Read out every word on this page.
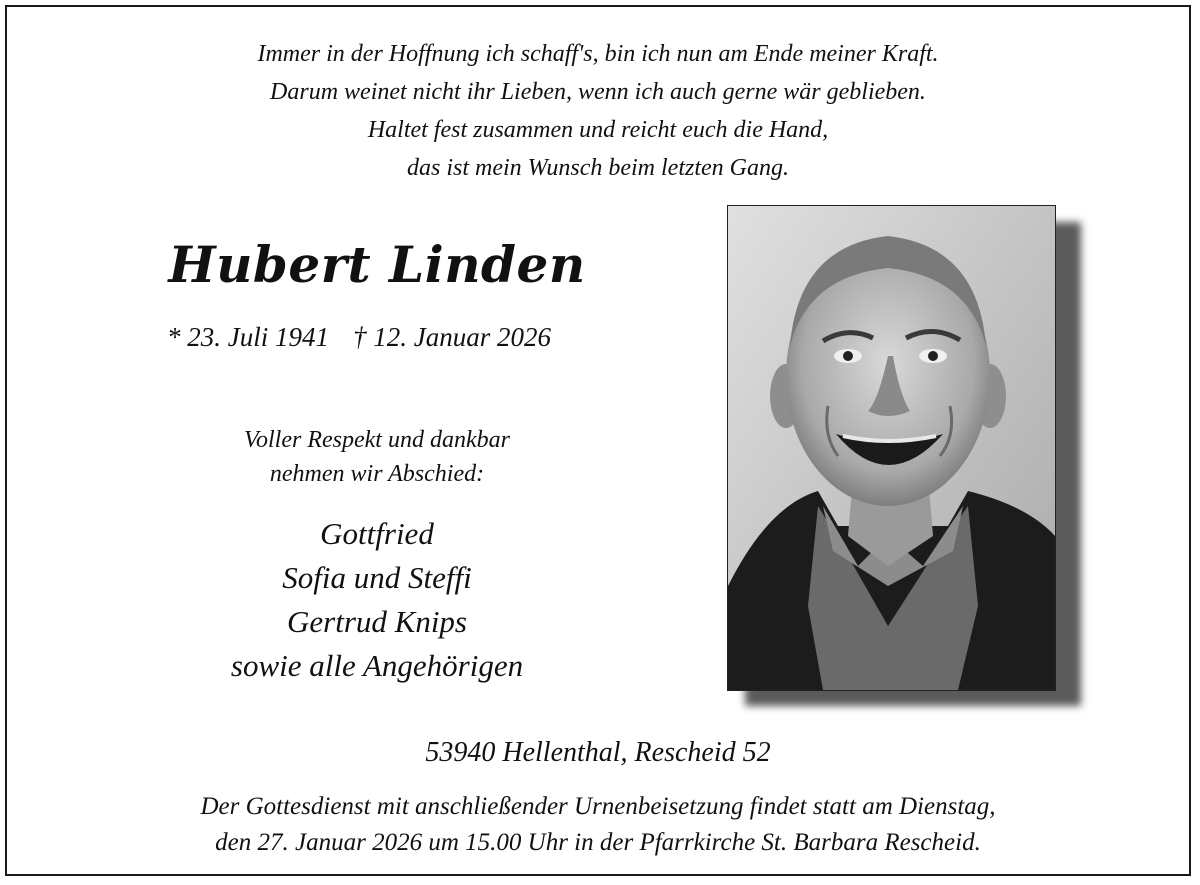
Immer in der Hoffnung ich schaff's, bin ich nun am Ende meiner Kraft.
Darum weinet nicht ihr Lieben, wenn ich auch gerne wär geblieben.
Haltet fest zusammen und reicht euch die Hand,
das ist mein Wunsch beim letzten Gang.
Hubert Linden
* 23. Juli 1941 † 12. Januar 2026
Voller Respekt und dankbar
nehmen wir Abschied:
Gottfried
Sofia und Steffi
Gertrud Knips
sowie alle Angehörigen
53940 Hellenthal, Rescheid 52
Der Gottesdienst mit anschließender Urnenbeisetzung findet statt am Dienstag,
den 27. Januar 2026 um 15.00 Uhr in der Pfarrkirche St. Barbara Rescheid.
